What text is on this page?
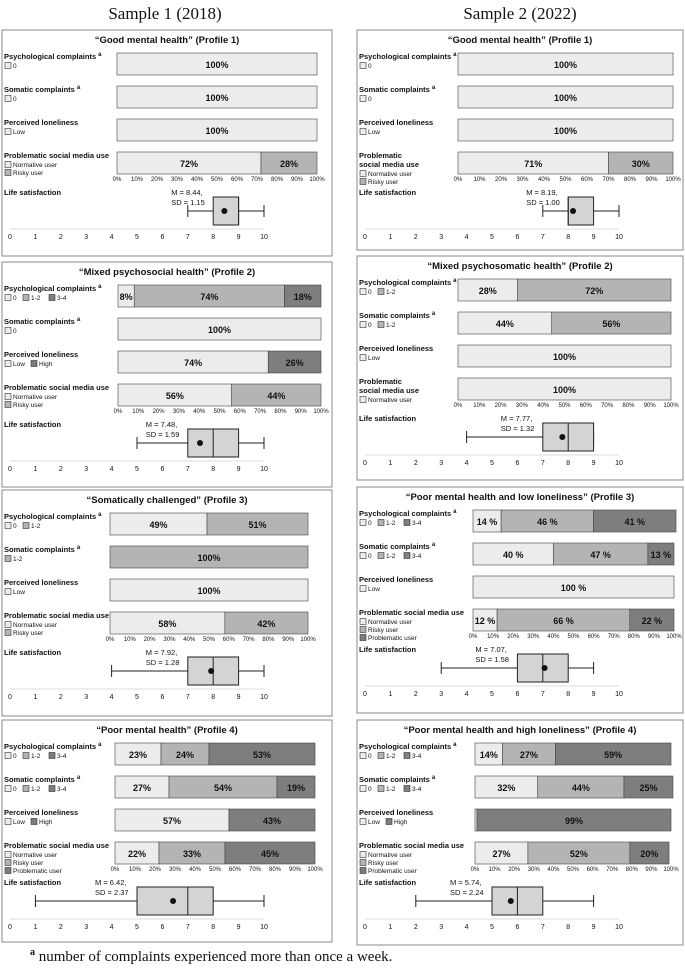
Sample 1 (2018)	Sample 2 (2022)
“Good mental health” (Profile 1)
Psychological complaints $^a$
0	100%
Somatic complaints $^a$
0	100%
Perceived loneliness
Low	100%
Problematic social media use
Normative user
Risky user
72%	28%
0% 10% 20% 30% 40% 50% 60% 70% 80% 90% 100%
Life satisfaction	M = 8.44,
SD = 1.15
0	1	2	3	4	5	6	7	8	9	10
“Mixed psychosocial health” (Profile 2)
Psychological complaints $^a$
0 1-2	3-4	8%	74%	18%
Somatic complaints $^a$
0	100%
Perceived loneliness
Low High	74%	26%
Problematic social media use
Normative user
Risky user
56%	44%
0% 10% 20% 30% 40% 50% 60% 70% 80% 90% 100%
Life satisfaction	M = 7.48,
SD = 1.59
0	1	2	3	4	5	6	7	8	9	10
“Somatically challenged” (Profile 3)
Psychological complaints $^a$
0 1-2	49%	51%
Somatic complaints $^a$
1-2	100%
Perceived loneliness
Low	100%
Problematic social media use
Normative user
Risky user
58%	42%
0% 10% 20% 30% 40% 50% 60% 70% 80% 90% 100%
Life satisfaction	M = 7.92,
SD = 1.28
0	1	2	3	4	5	6	7	8	9	10
“Poor mental health” (Profile 4)
Psychological complaints $^a$
0 1-2	3-4	23%	24%	53%
Somatic complaints $^a$
0 1-2	3-4	27%	54%	19%
Perceived loneliness
Low High	57%	43%
Problematic social media use
Normative user
Risky user
Problematic user
22%	33%	45%
0% 10% 20% 30% 40% 50% 60% 70% 80% 90% 100%
Life satisfaction	M = 6.42,
SD = 2.37
0	1	2	3	4	5	6	7	8	9	10
“Good mental health” (Profile 1)
Psychological complaints $^a$
0	100%
Somatic complaints $^a$
0	100%
Perceived loneliness
Low	100%
Problematic
social media use
Normative user
Risky user
71%	30%
0% 10% 20% 30% 40% 50% 60% 70% 80% 90% 100%
Life satisfaction	M = 8.19,
SD = 1.00
0	1	2	3	4	5	6	7	8	9	10
“Mixed psychosomatic health” (Profile 2)
Psychological complaints $^a$
0 1-2	28%	72%
Somatic complaints $^a$
0 1-2	44%	56%
Perceived loneliness
Low	100%
Problematic
social media use
Normative user
100%
0% 10% 20% 30% 40% 50% 60% 70% 80% 90% 100%
Life satisfaction	M = 7.77,
SD = 1.32
0	1	2	3	4	5	6	7	8	9	10
“Poor mental health and low loneliness” (Profile 3)
Psychological complaints $^a$
0 1-2	3-4	14 %	46 %	41 %
Somatic complaints $^a$
0 1-2	3-4	40 %	47 %	13 %
Perceived loneliness
Low	100 %
Problematic social media use
Normative user
Risky user
Problematic user
12 %	66 %	22 %
0% 10% 20% 30% 40% 50% 60% 70% 80% 90% 100%
Life satisfaction	M = 7.07,
SD = 1.58
0	1	2	3	4	5	6	7	8	9	10
“Poor mental health and high loneliness” (Profile 4)
Psychological complaints $^a$
0 1-2	3-4	14% 27%	59%
Somatic complaints $^a$
0 1-2	3-4	32%	44%	25%
Perceived loneliness
Low High	99%
Problematic social media use
Normative user
Risky user
Problematic user
27%	52%	20%
0% 10% 20% 30% 40% 50% 60% 70% 80% 90% 100%
Life satisfaction	M = 5.74,
SD = 2.24
0	1	2	3	4	5	6	7	8	9	10
$^a$ number of complaints experienced more than once a week.
